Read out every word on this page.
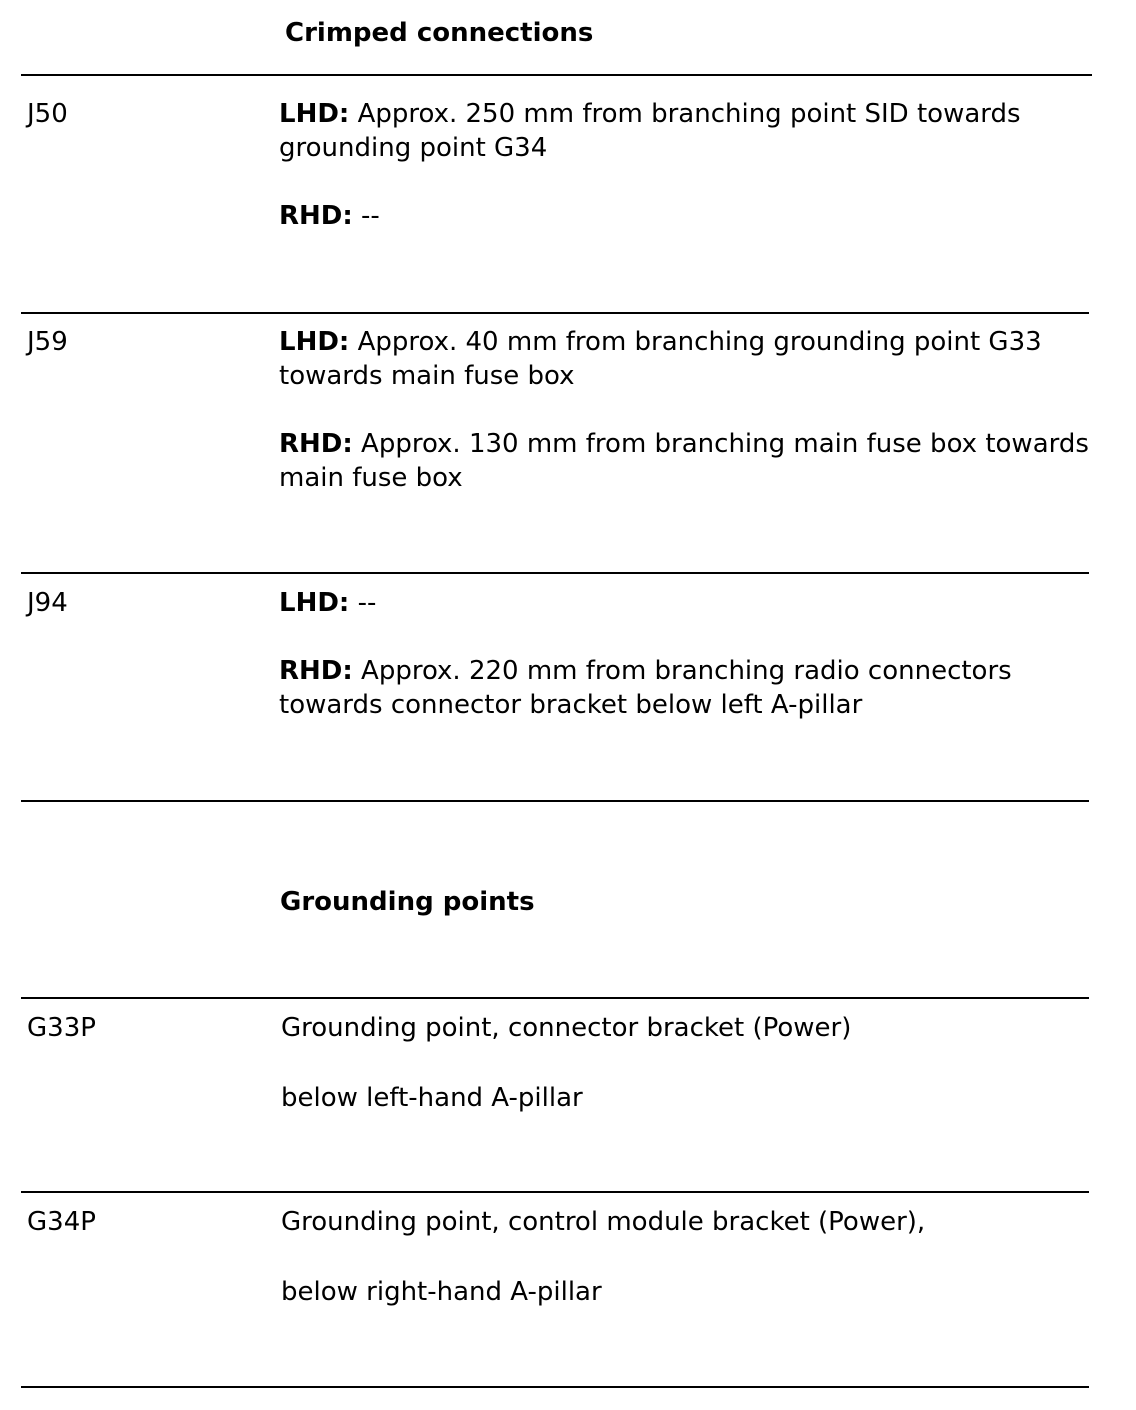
Crimped connections
J50	LHD: Approx. 250 mm from branching point SID towards grounding point G34

RHD: --

J59	LHD: Approx. 40 mm from branching grounding point G33 towards main fuse box

RHD: Approx. 130 mm from branching main fuse box towards main fuse box

J94	LHD: --

RHD: Approx. 220 mm from branching radio connectors towards connector bracket below left A-pillar

Grounding points
G33P	Grounding point, connector bracket (Power)

below left-hand A-pillar

G34P	Grounding point, control module bracket (Power),

below right-hand A-pillar
